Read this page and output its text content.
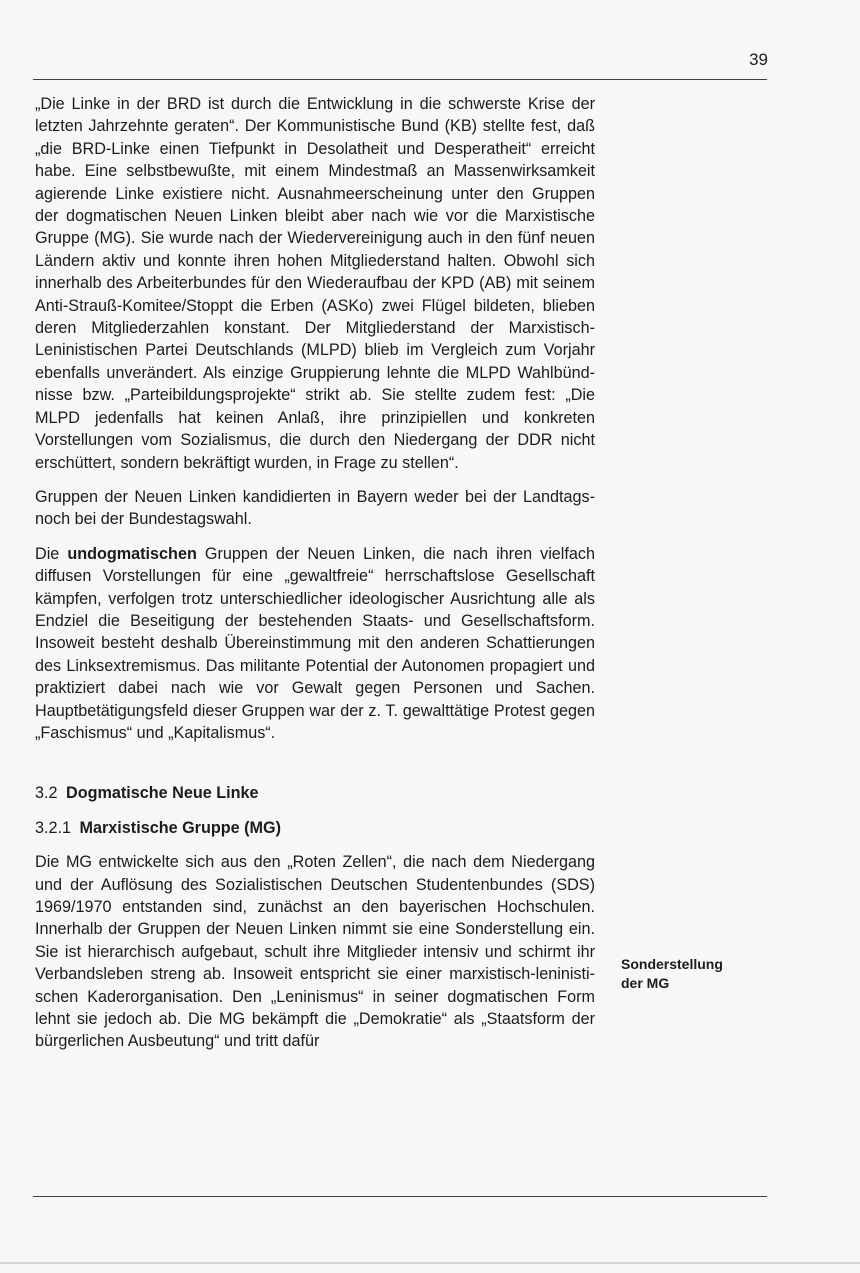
39

„Die Linke in der BRD ist durch die Entwicklung in die schwerste Krise der letzten Jahrzehnte geraten“. Der Kommunistische Bund (KB) stellte fest, daß „die BRD-Linke einen Tiefpunkt in Desolatheit und Desperatheit“ erreicht habe. Eine selbstbewußte, mit einem Mindestmaß an Massenwirksamkeit agierende Linke existiere nicht. Ausnahmeerscheinung unter den Gruppen der dogmatischen Neuen Linken bleibt aber nach wie vor die Marxistische Gruppe (MG). Sie wurde nach der Wiedervereinigung auch in den fünf neuen Ländern aktiv und konnte ihren hohen Mitgliederstand halten. Obwohl sich innerhalb des Arbeiterbundes für den Wiederaufbau der KPD (AB) mit seinem Anti-Strauß-Komitee/Stoppt die Erben (ASKo) zwei Flügel bildeten, blieben deren Mitgliederzahlen konstant. Der Mitgliederstand der Marxistisch-Leninistischen Partei Deutschlands (MLPD) blieb im Vergleich zum Vorjahr ebenfalls unverändert. Als einzige Gruppierung lehnte die MLPD Wahlbündnisse bzw. „Parteibildungsprojekte“ strikt ab. Sie stellte zudem fest: „Die MLPD jedenfalls hat keinen Anlaß, ihre prinzipiellen und konkreten Vorstellungen vom Sozialismus, die durch den Niedergang der DDR nicht erschüttert, sondern bekräftigt wurden, in Frage zu stellen“.

Gruppen der Neuen Linken kandidierten in Bayern weder bei der Landtags- noch bei der Bundestagswahl.

Die undogmatischen Gruppen der Neuen Linken, die nach ihren vielfach diffusen Vorstellungen für eine „gewaltfreie“ herrschaftslose Gesellschaft kämpfen, verfolgen trotz unterschiedlicher ideologischer Ausrichtung alle als Endziel die Beseitigung der bestehenden Staats- und Gesellschaftsform. Insoweit besteht deshalb Übereinstimmung mit den anderen Schattierungen des Linksextremismus. Das militante Potential der Autonomen propagiert und praktiziert dabei nach wie vor Gewalt gegen Personen und Sachen. Hauptbetätigungsfeld dieser Gruppen war der z. T. gewalttätige Protest gegen „Faschismus“ und „Kapitalismus“.

3.2 Dogmatische Neue Linke
3.2.1 Marxistische Gruppe (MG)

Die MG entwickelte sich aus den „Roten Zellen“, die nach dem Niedergang und der Auflösung des Sozialistischen Deutschen Studentenbundes (SDS) 1969/1970 entstanden sind, zunächst an den bayerischen Hochschulen. Innerhalb der Gruppen der Neuen Linken nimmt sie eine Sonderstellung ein. Sie ist hierarchisch aufgebaut, schult ihre Mitglieder intensiv und schirmt ihr Verbandsleben streng ab. Insoweit entspricht sie einer marxistisch-leninistischen Kaderorganisation. Den „Leninismus“ in seiner dogmatischen Form lehnt sie jedoch ab. Die MG bekämpft die „Demokratie“ als „Staatsform der bürgerlichen Ausbeutung“ und tritt dafür

Sonderstellung
der MG
